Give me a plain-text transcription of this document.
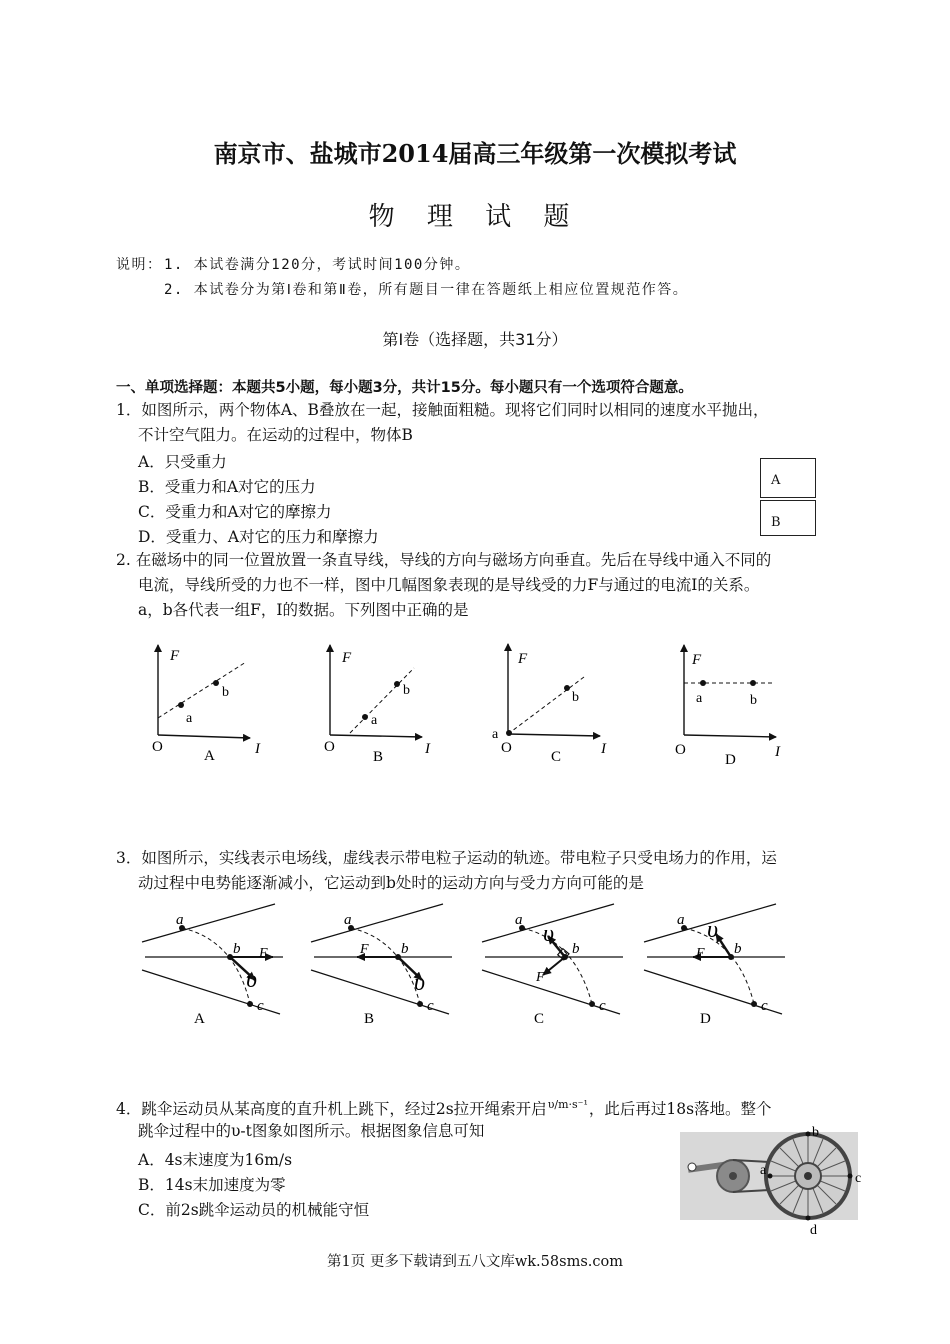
南京市、盐城市2014届高三年级第一次模拟考试
物 理 试 题
说明： 1. 本试卷满分120分，考试时间100分钟。
2. 本试卷分为第Ⅰ卷和第Ⅱ卷，所有题目一律在答题纸上相应位置规范作答。
第Ⅰ卷（选择题，共31分）
一、单项选择题：本题共5小题，每小题3分，共计15分。每小题只有一个选项符合题意。
1．如图所示，两个物体A、B叠放在一起，接触面粗糙。现将它们同时以相同的速度水平抛出，
不计空气阻力。在运动的过程中，物体B
A．只受重力
B．受重力和A对它的压力
C．受重力和A对它的摩擦力
D．受重力、A对它的压力和摩擦力
A
B
2. 在磁场中的同一位置放置一条直导线，导线的方向与磁场方向垂直。先后在导线中通入不同的
电流，导线所受的力也不一样，图中几幅图象表现的是导线受的力F与通过的电流I的关系。
a，b各代表一组F，I的数据。下列图中正确的是
F
I
O
a
b
A
F
I
O
a
b
B
F
I
O
a
b
C
F
I
O
a	b
D
3．如图所示，实线表示电场线，虚线表示带电粒子运动的轨迹。带电粒子只受电场力的作用，运
动过程中电势能逐渐减小，它运动到b处时的运动方向与受力方向可能的是
a
b
c
F
υ
A
a
b
c
F
υ
B
a
b
c
F
υ
C
a
b
c
F
υ
D
4．跳伞运动员从某高度的直升机上跳下，经过2s拉开绳索开启$^{\upsilon/m\cdot s^{-1}}$，此后再过18s落地。整个
跳伞过程中的υ-t图象如图所示。根据图象信息可知
A．4s末速度为16m/s
B．14s末加速度为零
C．前2s跳伞运动员的机械能守恒
a
b
c
d
第1页 更多下载请到五八文库wk.58sms.com
